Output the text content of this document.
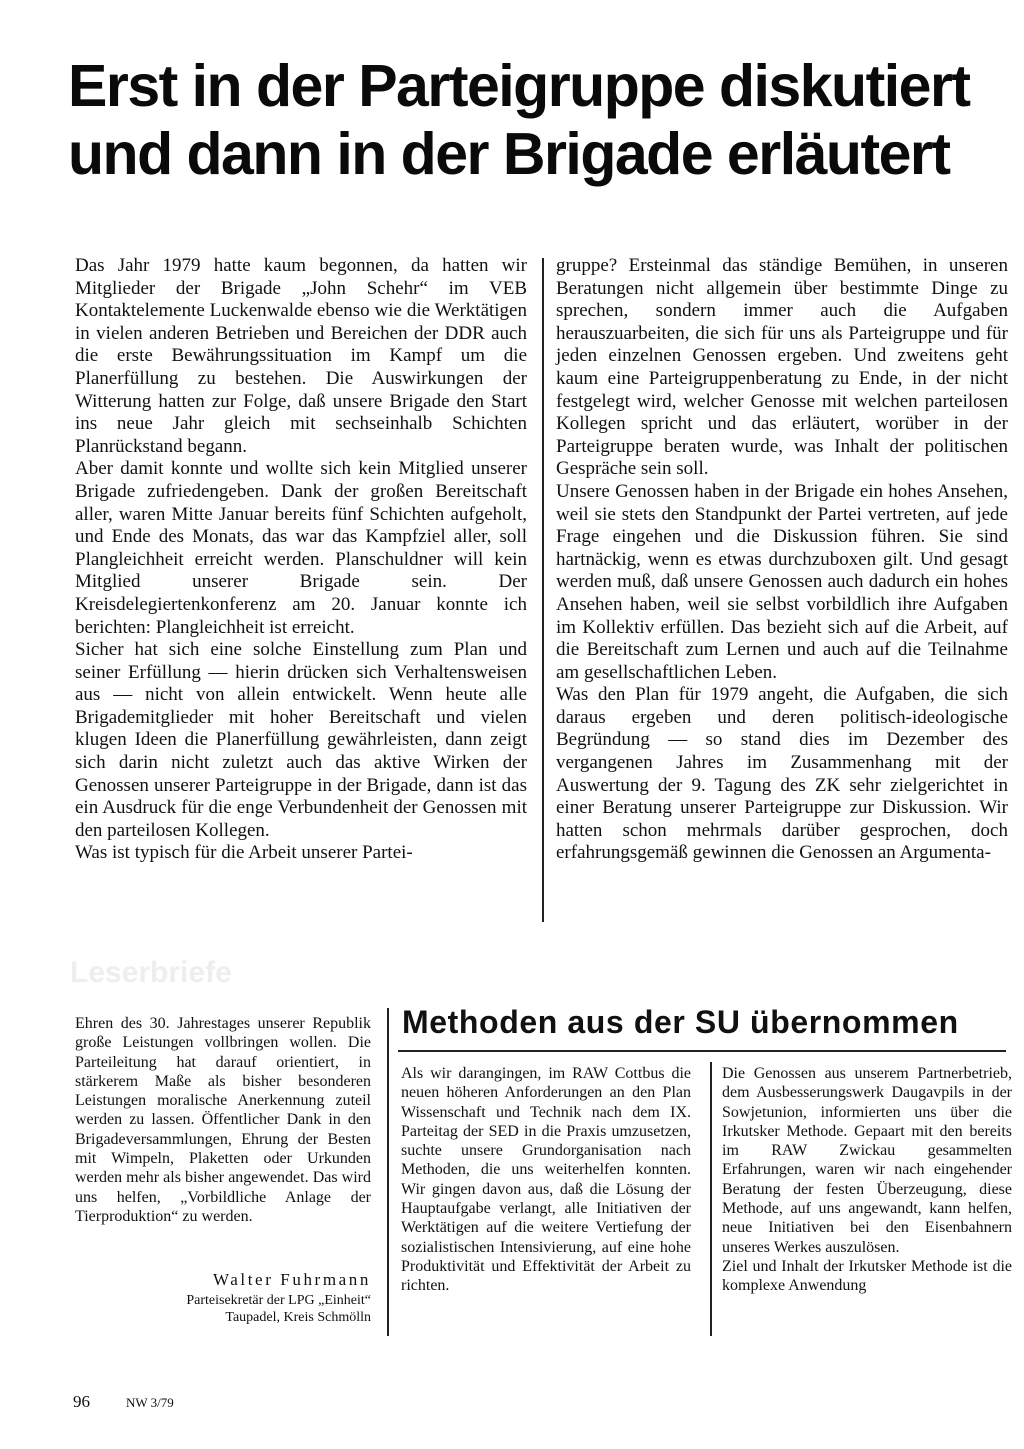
Erst in der Parteigruppe diskutiert
und dann in der Brigade erläutert

Das Jahr 1979 hatte kaum begonnen, da hatten wir Mitglieder der Brigade „John Schehr“ im VEB Kontaktelemente Luckenwalde ebenso wie die Werktätigen in vielen anderen Betrieben und Bereichen der DDR auch die erste Bewährungssituation im Kampf um die Planerfüllung zu bestehen. Die Auswirkungen der Witterung hatten zur Folge, daß unsere Brigade den Start ins neue Jahr gleich mit sechseinhalb Schichten Planrückstand begann.

Aber damit konnte und wollte sich kein Mitglied unserer Brigade zufriedengeben. Dank der großen Bereitschaft aller, waren Mitte Januar bereits fünf Schichten aufgeholt, und Ende des Monats, das war das Kampfziel aller, soll Plangleichheit erreicht werden. Planschuldner will kein Mitglied unserer Brigade sein. Der Kreisdelegiertenkonferenz am 20. Januar konnte ich berichten: Plangleichheit ist erreicht.

Sicher hat sich eine solche Einstellung zum Plan und seiner Erfüllung — hierin drücken sich Verhaltensweisen aus — nicht von allein entwickelt. Wenn heute alle Brigademitglieder mit hoher Bereitschaft und vielen klugen Ideen die Planerfüllung gewährleisten, dann zeigt sich darin nicht zuletzt auch das aktive Wirken der Genossen unserer Parteigruppe in der Brigade, dann ist das ein Ausdruck für die enge Verbundenheit der Genossen mit den parteilosen Kollegen.

Was ist typisch für die Arbeit unserer Partei-

gruppe? Ersteinmal das ständige Bemühen, in unseren Beratungen nicht allgemein über bestimmte Dinge zu sprechen, sondern immer auch die Aufgaben herauszuarbeiten, die sich für uns als Parteigruppe und für jeden einzelnen Genossen ergeben. Und zweitens geht kaum eine Parteigruppenberatung zu Ende, in der nicht festgelegt wird, welcher Genosse mit welchen parteilosen Kollegen spricht und das erläutert, worüber in der Parteigruppe beraten wurde, was Inhalt der politischen Gespräche sein soll.

Unsere Genossen haben in der Brigade ein hohes Ansehen, weil sie stets den Standpunkt der Partei vertreten, auf jede Frage eingehen und die Diskussion führen. Sie sind hartnäckig, wenn es etwas durchzuboxen gilt. Und gesagt werden muß, daß unsere Genossen auch dadurch ein hohes Ansehen haben, weil sie selbst vorbildlich ihre Aufgaben im Kollektiv erfüllen. Das bezieht sich auf die Arbeit, auf die Bereitschaft zum Lernen und auch auf die Teilnahme am gesellschaftlichen Leben.

Was den Plan für 1979 angeht, die Aufgaben, die sich daraus ergeben und deren politisch-ideologische Begründung — so stand dies im Dezember des vergangenen Jahres im Zusammenhang mit der Auswertung der 9. Tagung des ZK sehr zielgerichtet in einer Beratung unserer Parteigruppe zur Diskussion. Wir hatten schon mehrmals darüber gesprochen, doch erfahrungsgemäß gewinnen die Genossen an Argumenta-

Leserbriefe

Ehren des 30. Jahrestages unserer Republik große Leistungen vollbringen wollen. Die Parteileitung hat darauf orientiert, in stärkerem Maße als bisher besonderen Leistungen moralische Anerkennung zuteil werden zu lassen. Öffentlicher Dank in den Brigadeversammlungen, Ehrung der Besten mit Wimpeln, Plaketten oder Urkunden werden mehr als bisher angewendet. Das wird uns helfen, „Vorbildliche Anlage der Tierproduktion“ zu werden.

Walter Fuhrmann
Parteisekretär der LPG „Einheit“
Taupadel, Kreis Schmölln
Methoden aus der SU übernommen

Als wir darangingen, im RAW Cottbus die neuen höheren Anforderungen an den Plan Wissenschaft und Technik nach dem IX. Parteitag der SED in die Praxis umzusetzen, suchte unsere Grundorganisation nach Methoden, die uns weiterhelfen konnten. Wir gingen davon aus, daß die Lösung der Hauptaufgabe verlangt, alle Initiativen der Werktätigen auf die weitere Vertiefung der sozialistischen Intensivierung, auf eine hohe Produktivität und Effektivität der Arbeit zu richten.

Die Genossen aus unserem Partnerbetrieb, dem Ausbesserungswerk Daugavpils in der Sowjetunion, informierten uns über die Irkutsker Methode. Gepaart mit den bereits im RAW Zwickau gesammelten Erfahrungen, waren wir nach eingehender Beratung der festen Überzeugung, diese Methode, auf uns angewandt, kann helfen, neue Initiativen bei den Eisenbahnern unseres Werkes auszulösen.

Ziel und Inhalt der Irkutsker Methode ist die komplexe Anwendung

96	NW 3/79
